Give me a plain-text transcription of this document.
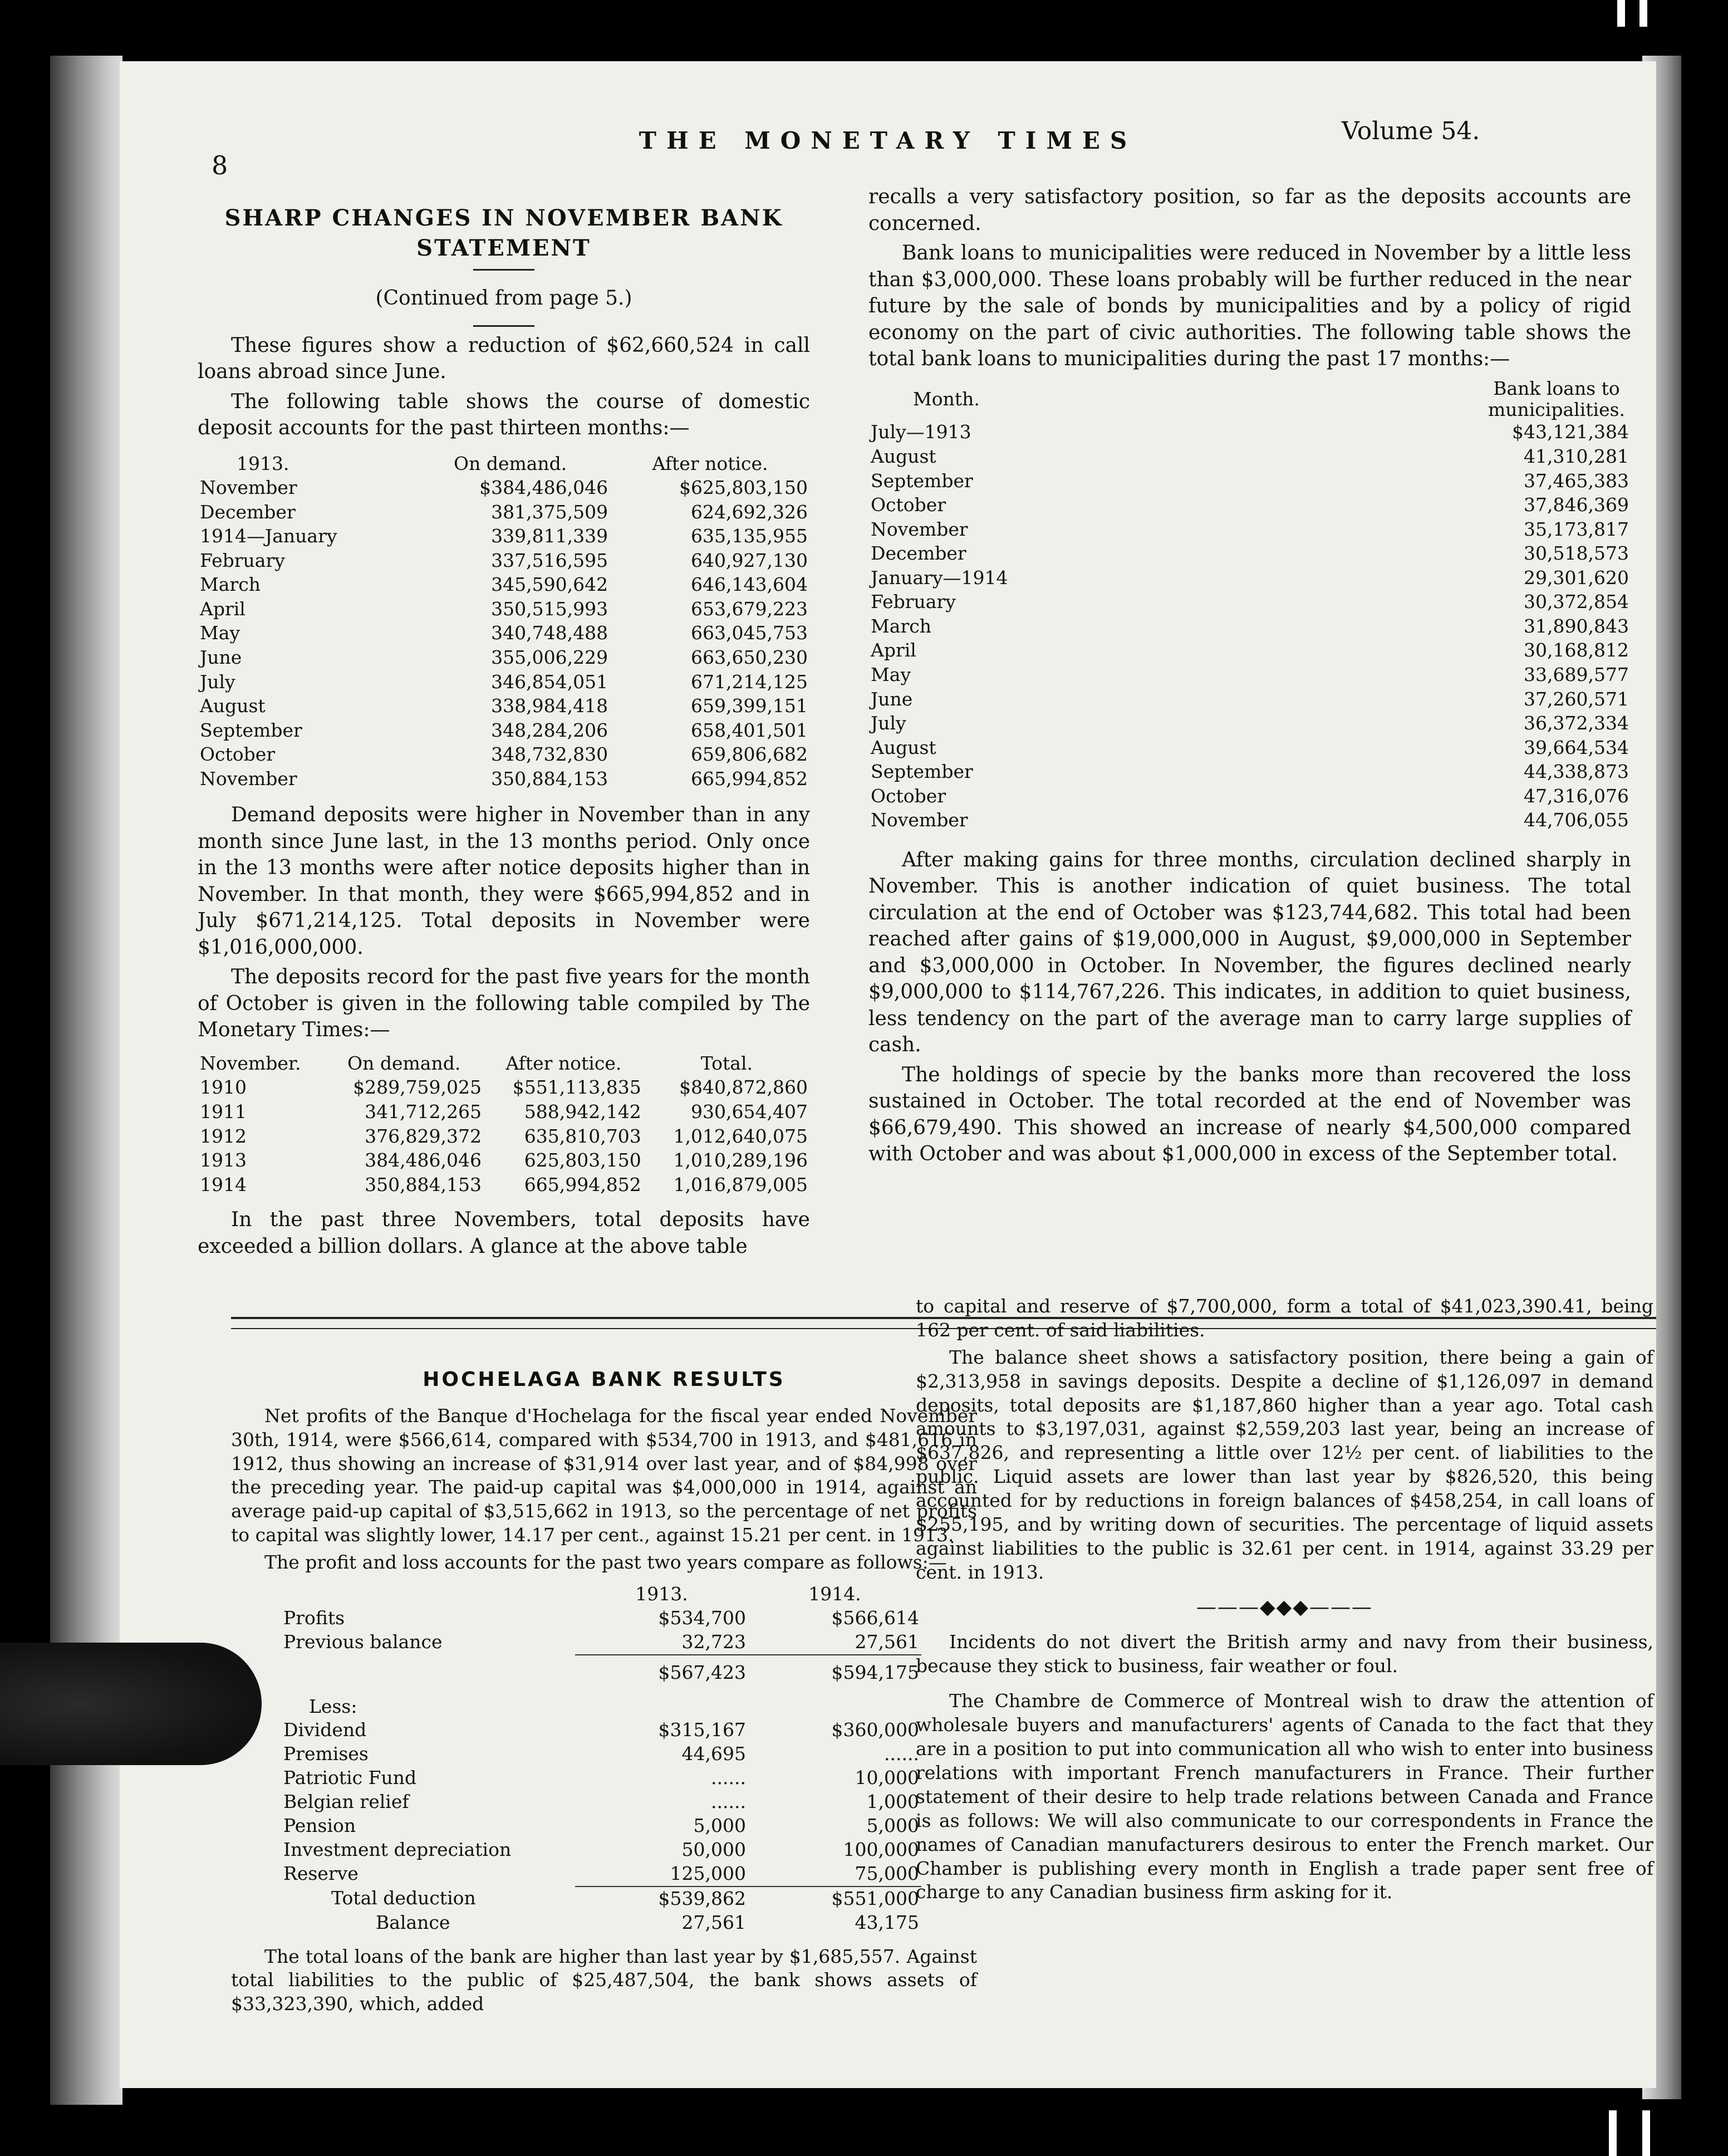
8
THE MONETARY TIMES	Volume 54.
SHARP CHANGES IN NOVEMBER BANK
STATEMENT
(Continued from page 5.)

These figures show a reduction of $62,660,524 in call loans abroad since June.

The following table shows the course of domestic deposit accounts for the past thirteen months:—

1913.	On demand.	After notice.
November	$384,486,046	$625,803,150
December	381,375,509	624,692,326
1914—January	339,811,339	635,135,955
February	337,516,595	640,927,130
March	345,590,642	646,143,604
April	350,515,993	653,679,223
May	340,748,488	663,045,753
June	355,006,229	663,650,230
July	346,854,051	671,214,125
August	338,984,418	659,399,151
September	348,284,206	658,401,501
October	348,732,830	659,806,682
November	350,884,153	665,994,852

Demand deposits were higher in November than in any month since June last, in the 13 months period. Only once in the 13 months were after notice deposits higher than in November. In that month, they were $665,994,852 and in July $671,214,125. Total deposits in November were $1,016,000,000.

The deposits record for the past five years for the month of October is given in the following table compiled by The Monetary Times:—

November.	On demand.	After notice.	Total.
1910	$289,759,025	$551,113,835	$840,872,860
1911	341,712,265	588,942,142	930,654,407
1912	376,829,372	635,810,703	1,012,640,075
1913	384,486,046	625,803,150	1,010,289,196
1914	350,884,153	665,994,852	1,016,879,005

In the past three Novembers, total deposits have exceeded a billion dollars. A glance at the above table

recalls a very satisfactory position, so far as the deposits accounts are concerned.

Bank loans to municipalities were reduced in November by a little less than $3,000,000. These loans probably will be further reduced in the near future by the sale of bonds by municipalities and by a policy of rigid economy on the part of civic authorities. The following table shows the total bank loans to municipalities during the past 17 months:—

Month.	Bank loans to municipalities.
July—1913	$43,121,384
August	41,310,281
September	37,465,383
October	37,846,369
November	35,173,817
December	30,518,573
January—1914	29,301,620
February	30,372,854
March	31,890,843
April	30,168,812
May	33,689,577
June	37,260,571
July	36,372,334
August	39,664,534
September	44,338,873
October	47,316,076
November	44,706,055

After making gains for three months, circulation declined sharply in November. This is another indication of quiet business. The total circulation at the end of October was $123,744,682. This total had been reached after gains of $19,000,000 in August, $9,000,000 in September and $3,000,000 in October. In November, the figures declined nearly $9,000,000 to $114,767,226. This indicates, in addition to quiet business, less tendency on the part of the average man to carry large supplies of cash.

The holdings of specie by the banks more than recovered the loss sustained in October. The total recorded at the end of November was $66,679,490. This showed an increase of nearly $4,500,000 compared with October and was about $1,000,000 in excess of the September total.

HOCHELAGA BANK RESULTS

Net profits of the Banque d'Hochelaga for the fiscal year ended November 30th, 1914, were $566,614, compared with $534,700 in 1913, and $481,616 in 1912, thus showing an increase of $31,914 over last year, and of $84,998 over the preceding year. The paid-up capital was $4,000,000 in 1914, against an average paid-up capital of $3,515,662 in 1913, so the percentage of net profits to capital was slightly lower, 14.17 per cent., against 15.21 per cent. in 1913.

The profit and loss accounts for the past two years compare as follows:—

	1913.	1914.
Profits	$534,700	$566,614
Previous balance	32,723	27,561
	$567,423	$594,175
Less:		
Dividend	$315,167	$360,000
Premises	44,695	......
Patriotic Fund	......	10,000
Belgian relief	......	1,000
Pension	5,000	5,000
Investment depreciation	50,000	100,000
Reserve	125,000	75,000
Total deduction	$539,862	$551,000
Balance	27,561	43,175

The total loans of the bank are higher than last year by $1,685,557. Against total liabilities to the public of $25,487,504, the bank shows assets of $33,323,390, which, added

to capital and reserve of $7,700,000, form a total of $41,023,390.41, being 162 per cent. of said liabilities.

The balance sheet shows a satisfactory position, there being a gain of $2,313,958 in savings deposits. Despite a decline of $1,126,097 in demand deposits, total deposits are $1,187,860 higher than a year ago. Total cash amounts to $3,197,031, against $2,559,203 last year, being an increase of $637,826, and representing a little over 12½ per cent. of liabilities to the public. Liquid assets are lower than last year by $826,520, this being accounted for by reductions in foreign balances of $458,254, in call loans of $255,195, and by writing down of securities. The percentage of liquid assets against liabilities to the public is 32.61 per cent. in 1914, against 33.29 per cent. in 1913.

———◆◆◆———

Incidents do not divert the British army and navy from their business, because they stick to business, fair weather or foul.

The Chambre de Commerce of Montreal wish to draw the attention of wholesale buyers and manufacturers' agents of Canada to the fact that they are in a position to put into communication all who wish to enter into business relations with important French manufacturers in France. Their further statement of their desire to help trade relations between Canada and France is as follows: We will also communicate to our correspondents in France the names of Canadian manufacturers desirous to enter the French market. Our Chamber is publishing every month in English a trade paper sent free of charge to any Canadian business firm asking for it.
